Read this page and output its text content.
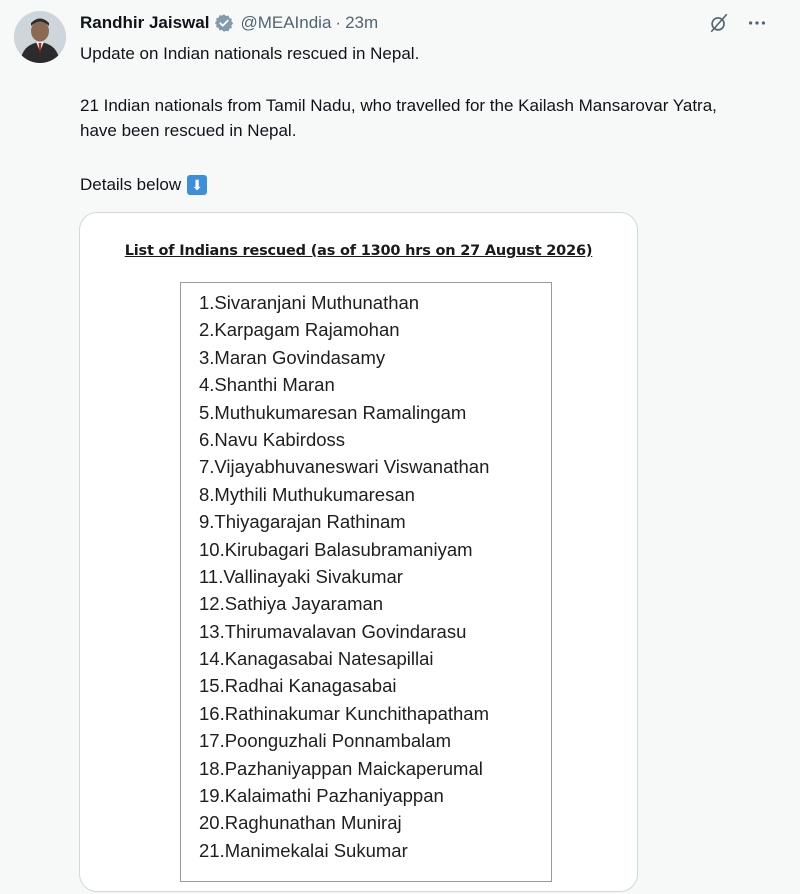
Randhir Jaiswal @MEAIndia · 23m
Update on Indian nationals rescued in Nepal.
21 Indian nationals from Tamil Nadu, who travelled for the Kailash Mansarovar Yatra, have been rescued in Nepal.
Details below ⬇
List of Indians rescued (as of 1300 hrs on 27 August 2026)
1.Sivaranjani Muthunathan
2.Karpagam Rajamohan
3.Maran Govindasamy
4.Shanthi Maran
5.Muthukumaresan Ramalingam
6.Navu Kabirdoss
7.Vijayabhuvaneswari Viswanathan
8.Mythili Muthukumaresan
9.Thiyagarajan Rathinam
10.Kirubagari Balasubramaniyam
11.Vallinayaki Sivakumar
12.Sathiya Jayaraman
13.Thirumavalavan Govindarasu
14.Kanagasabai Natesapillai
15.Radhai Kanagasabai
16.Rathinakumar Kunchithapatham
17.Poonguzhali Ponnambalam
18.Pazhaniyappan Maickaperumal
19.Kalaimathi Pazhaniyappan
20.Raghunathan Muniraj
21.Manimekalai Sukumar
